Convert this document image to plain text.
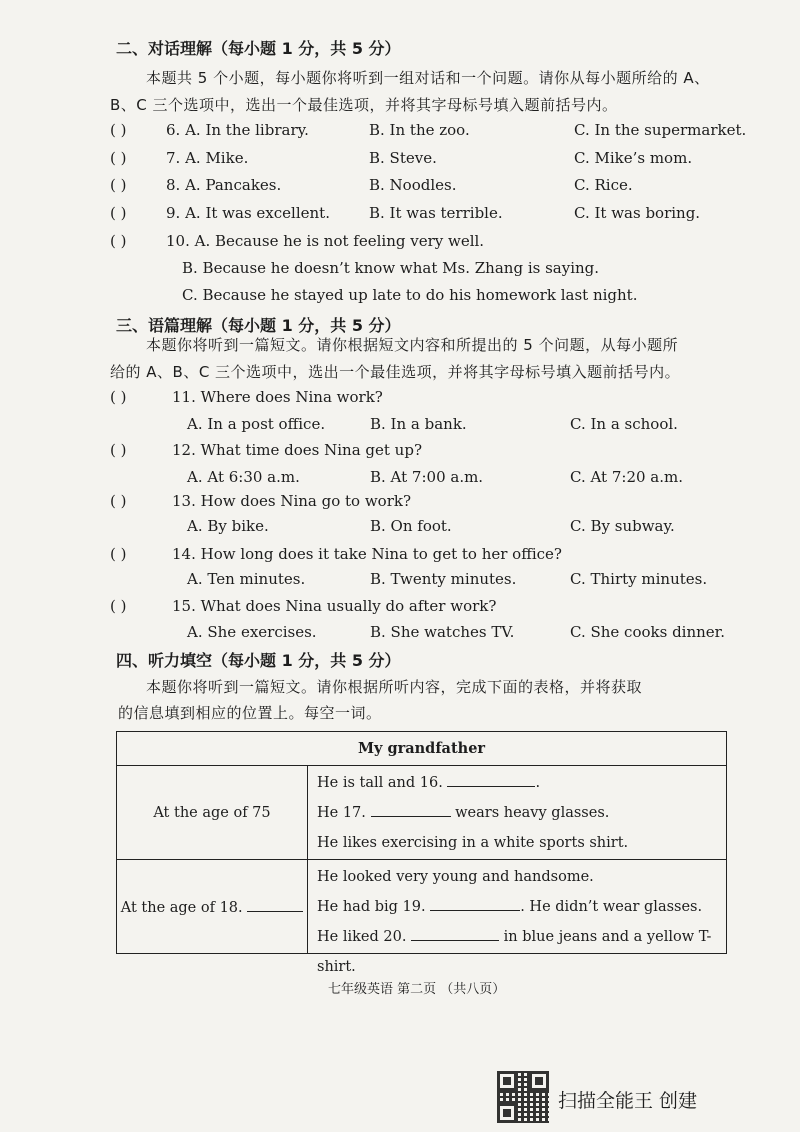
二、对话理解（每小题 1 分，共 5 分）
本题共 5 个小题，每小题你将听到一组对话和一个问题。请你从每小题所给的 A、
B、C 三个选项中，选出一个最佳选项，并将其字母标号填入题前括号内。
( )	6. A. In the library.	B. In the zoo.	C. In the supermarket.
( )	7. A. Mike.	B. Steve.	C. Mike’s mom.
( )	8. A. Pancakes.	B. Noodles.	C. Rice.
( )	9. A. It was excellent.	B. It was terrible.	C. It was boring.
( )	10. A. Because he is not feeling very well.
B. Because he doesn’t know what Ms. Zhang is saying.
C. Because he stayed up late to do his homework last night.
三、语篇理解（每小题 1 分，共 5 分）
本题你将听到一篇短文。请你根据短文内容和所提出的 5 个问题，从每小题所
给的 A、B、C 三个选项中，选出一个最佳选项，并将其字母标号填入题前括号内。
( )	11. Where does Nina work?
A. In a post office.	B. In a bank.	C. In a school.
( )	12. What time does Nina get up?
A. At 6:30 a.m.	B. At 7:00 a.m.	C. At 7:20 a.m.
( )	13. How does Nina go to work?
A. By bike.	B. On foot.	C. By subway.
( )	14. How long does it take Nina to get to her office?
A. Ten minutes.	B. Twenty minutes.	C. Thirty minutes.
( )	15. What does Nina usually do after work?
A. She exercises.	B. She watches TV.	C. She cooks dinner.
四、听力填空（每小题 1 分，共 5 分）
本题你将听到一篇短文。请你根据所听内容，完成下面的表格，并将获取
的信息填到相应的位置上。每空一词。
My grandfather	
At the age of 75	He is tall and 16. .
He 17. wears heavy glasses.
He likes exercising in a white sports shirt.

At the age of 18.	He looked very young and handsome.
He had big 19. . He didn’t wear glasses.
He liked 20. in blue jeans and a yellow T-shirt.
七年级英语 第二页 （共八页）
扫描全能王 创建
